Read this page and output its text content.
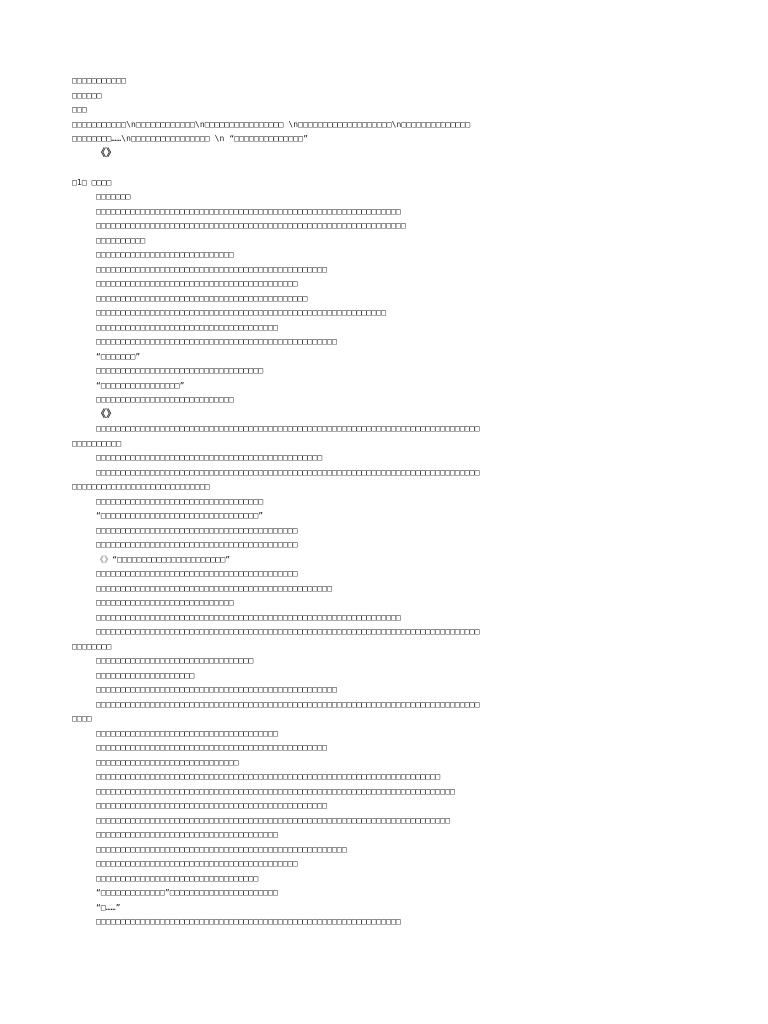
□□□□□□□□□□□
□□□□□□
□□□
□□□□□□□□□□□\n□□□□□□□□□□□□\n□□□□□□□□□□□□□□□□ \n□□□□□□□□□□□□□□□□□□□\n□□□□□□□□□□□□□□
□□□□□□□□……\n□□□□□□□□□□□□□□□□ \n “□□□□□□□□□□□□□□”
《》
□1□ □□□□
□□□□□□□
□□□□□□□□□□□□□□□□□□□□□□□□□□□□□□□□□□□□□□□□□□□□□□□□□□□□□□□□□□□□□□
□□□□□□□□□□□□□□□□□□□□□□□□□□□□□□□□□□□□□□□□□□□□□□□□□□□□□□□□□□□□□□□
□□□□□□□□□□
□□□□□□□□□□□□□□□□□□□□□□□□□□□□
□□□□□□□□□□□□□□□□□□□□□□□□□□□□□□□□□□□□□□□□□□□□□□□
□□□□□□□□□□□□□□□□□□□□□□□□□□□□□□□□□□□□□□□□□
□□□□□□□□□□□□□□□□□□□□□□□□□□□□□□□□□□□□□□□□□□□
□□□□□□□□□□□□□□□□□□□□□□□□□□□□□□□□□□□□□□□□□□□□□□□□□□□□□□□□□□□
□□□□□□□□□□□□□□□□□□□□□□□□□□□□□□□□□□□□□
□□□□□□□□□□□□□□□□□□□□□□□□□□□□□□□□□□□□□□□□□□□□□□□□□
“□□□□□□□”
□□□□□□□□□□□□□□□□□□□□□□□□□□□□□□□□□□
“□□□□□□□□□□□□□□□□”
□□□□□□□□□□□□□□□□□□□□□□□□□□□□
《》
□□□□□□□□□□□□□□□□□□□□□□□□□□□□□□□□□□□□□□□□□□□□□□□□□□□□□□□□□□□□□□□□□□□□□□□□□□□□□□
□□□□□□□□□□
□□□□□□□□□□□□□□□□□□□□□□□□□□□□□□□□□□□□□□□□□□□□□□
□□□□□□□□□□□□□□□□□□□□□□□□□□□□□□□□□□□□□□□□□□□□□□□□□□□□□□□□□□□□□□□□□□□□□□□□□□□□□□
□□□□□□□□□□□□□□□□□□□□□□□□□□□□
□□□□□□□□□□□□□□□□□□□□□□□□□□□□□□□□□□
“□□□□□□□□□□□□□□□□□□□□□□□□□□□□□□□□”
□□□□□□□□□□□□□□□□□□□□□□□□□□□□□□□□□□□□□□□□□
□□□□□□□□□□□□□□□□□□□□□□□□□□□□□□□□□□□□□□□□□
《》“□□□□□□□□□□□□□□□□□□□□□□”
□□□□□□□□□□□□□□□□□□□□□□□□□□□□□□□□□□□□□□□□□
□□□□□□□□□□□□□□□□□□□□□□□□□□□□□□□□□□□□□□□□□□□□□□□□
□□□□□□□□□□□□□□□□□□□□□□□□□□□□
□□□□□□□□□□□□□□□□□□□□□□□□□□□□□□□□□□□□□□□□□□□□□□□□□□□□□□□□□□□□□□
□□□□□□□□□□□□□□□□□□□□□□□□□□□□□□□□□□□□□□□□□□□□□□□□□□□□□□□□□□□□□□□□□□□□□□□□□□□□□□
□□□□□□□□
□□□□□□□□□□□□□□□□□□□□□□□□□□□□□□□□
□□□□□□□□□□□□□□□□□□□□
□□□□□□□□□□□□□□□□□□□□□□□□□□□□□□□□□□□□□□□□□□□□□□□□□
□□□□□□□□□□□□□□□□□□□□□□□□□□□□□□□□□□□□□□□□□□□□□□□□□□□□□□□□□□□□□□□□□□□□□□□□□□□□□□
□□□□
□□□□□□□□□□□□□□□□□□□□□□□□□□□□□□□□□□□□□
□□□□□□□□□□□□□□□□□□□□□□□□□□□□□□□□□□□□□□□□□□□□□□□
□□□□□□□□□□□□□□□□□□□□□□□□□□□□□
□□□□□□□□□□□□□□□□□□□□□□□□□□□□□□□□□□□□□□□□□□□□□□□□□□□□□□□□□□□□□□□□□□□□□□
□□□□□□□□□□□□□□□□□□□□□□□□□□□□□□□□□□□□□□□□□□□□□□□□□□□□□□□□□□□□□□□□□□□□□□□□□
□□□□□□□□□□□□□□□□□□□□□□□□□□□□□□□□□□□□□□□□□□□□□□□
□□□□□□□□□□□□□□□□□□□□□□□□□□□□□□□□□□□□□□□□□□□□□□□□□□□□□□□□□□□□□□□□□□□□□□□□
□□□□□□□□□□□□□□□□□□□□□□□□□□□□□□□□□□□□□
□□□□□□□□□□□□□□□□□□□□□□□□□□□□□□□□□□□□□□□□□□□□□□□□□□□
□□□□□□□□□□□□□□□□□□□□□□□□□□□□□□□□□□□□□□□□□
□□□□□□□□□□□□□□□□□□□□□□□□□□□□□□□□□
“□□□□□□□□□□□□□”□□□□□□□□□□□□□□□□□□□□□□
“□……”
□□□□□□□□□□□□□□□□□□□□□□□□□□□□□□□□□□□□□□□□□□□□□□□□□□□□□□□□□□□□□□
